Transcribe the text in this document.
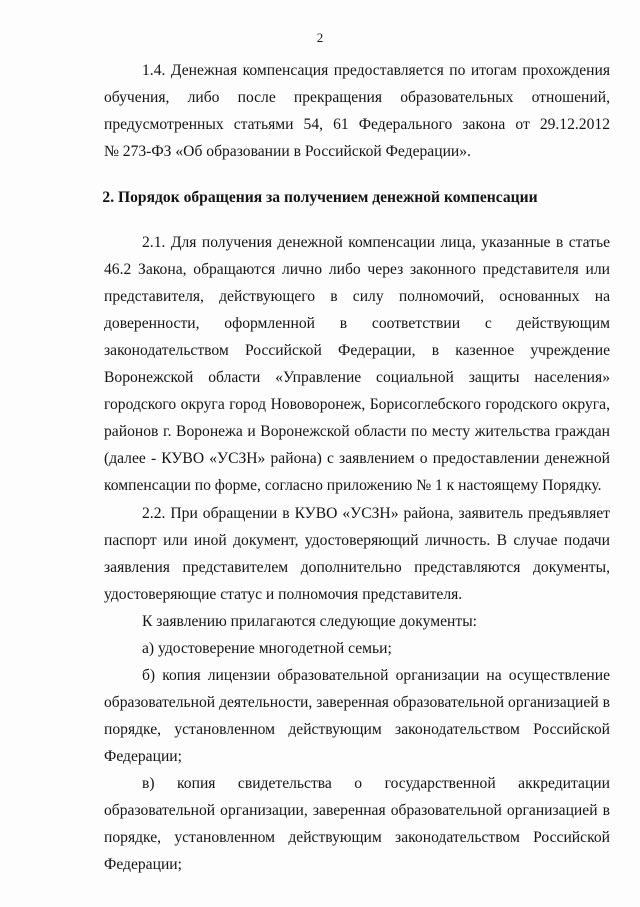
2
1.4. Денежная компенсация предоставляется по итогам прохождения
обучения, либо после прекращения образовательных отношений,
предусмотренных статьями 54, 61 Федерального закона от 29.12.2012
№ 273-ФЗ «Об образовании в Российской Федерации».
2. Порядок обращения за получением денежной компенсации
2.1. Для получения денежной компенсации лица, указанные в статье
46.2 Закона, обращаются лично либо через законного представителя или
представителя, действующего в силу полномочий, основанных на
доверенности, оформленной в соответствии с действующим
законодательством Российской Федерации, в казенное учреждение
Воронежской области «Управление социальной защиты населения»
городского округа город Нововоронеж, Борисоглебского городского округа,
районов г. Воронежа и Воронежской области по месту жительства граждан
(далее - КУВО «УСЗН» района) с заявлением о предоставлении денежной
компенсации по форме, согласно приложению № 1 к настоящему Порядку.
2.2. При обращении в КУВО «УСЗН» района, заявитель предъявляет
паспорт или иной документ, удостоверяющий личность. В случае подачи
заявления представителем дополнительно представляются документы,
удостоверяющие статус и полномочия представителя.
К заявлению прилагаются следующие документы:
а) удостоверение многодетной семьи;
б) копия лицензии образовательной организации на осуществление
образовательной деятельности, заверенная образовательной организацией в
порядке, установленном действующим законодательством Российской
Федерации;
в) копия свидетельства о государственной аккредитации
образовательной организации, заверенная образовательной организацией в
порядке, установленном действующим законодательством Российской
Федерации;
